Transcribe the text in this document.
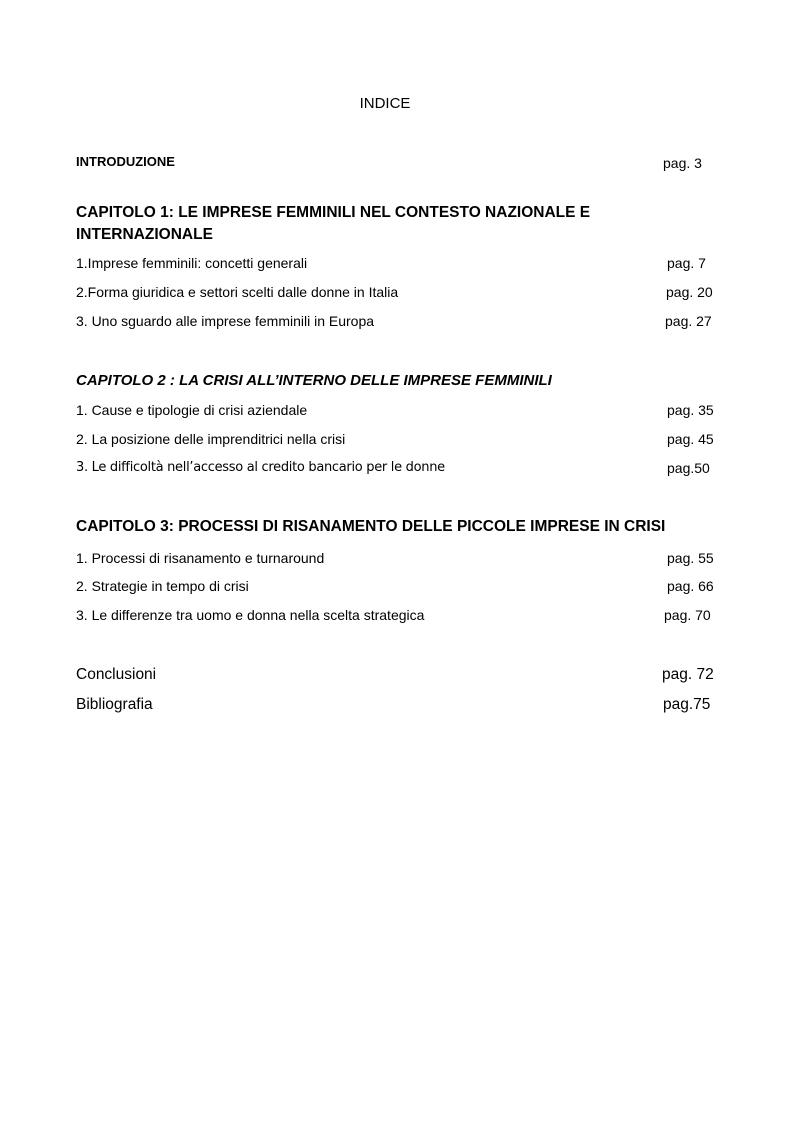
INDICE
INTRODUZIONE	pag. 3
CAPITOLO 1: LE IMPRESE FEMMINILI NEL CONTESTO NAZIONALE E INTERNAZIONALE
1.Imprese femminili: concetti generali	pag. 7
2.Forma giuridica e settori scelti dalle donne in Italia	pag. 20
3. Uno sguardo alle imprese femminili in Europa	pag. 27
CAPITOLO 2 : LA CRISI ALL’INTERNO DELLE IMPRESE FEMMINILI
1. Cause e tipologie di crisi aziendale	pag. 35
2. La posizione delle imprenditrici nella crisi	pag. 45
3. Le difficoltà nell’accesso al credito bancario per le donne	pag.50
CAPITOLO 3: PROCESSI DI RISANAMENTO DELLE PICCOLE IMPRESE IN CRISI
1. Processi di risanamento e turnaround	pag. 55
2. Strategie in tempo di crisi	pag. 66
3. Le differenze tra uomo e donna nella scelta strategica	pag. 70
Conclusioni	pag. 72
Bibliografia	pag.75
